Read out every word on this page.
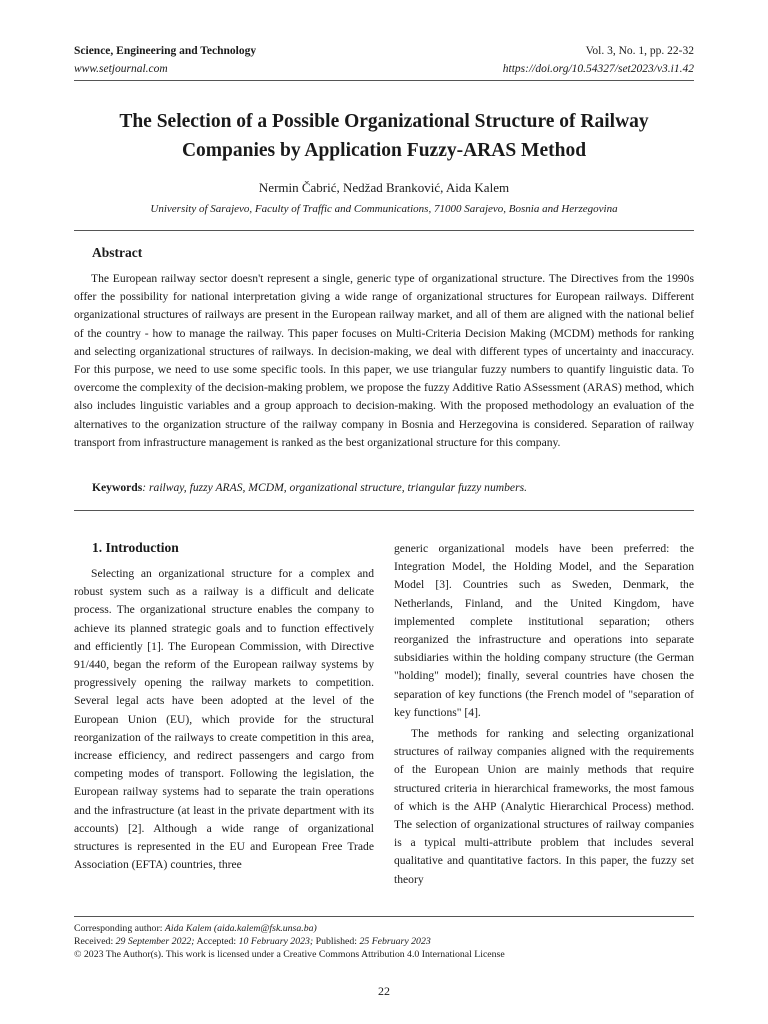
Science, Engineering and Technology	Vol. 3, No. 1, pp. 22-32
www.setjournal.com	https://doi.org/10.54327/set2023/v3.i1.42
The Selection of a Possible Organizational Structure of Railway
Companies by Application Fuzzy-ARAS Method
Nermin Čabrić, Nedžad Branković, Aida Kalem
University of Sarajevo, Faculty of Traffic and Communications, 71000 Sarajevo, Bosnia and Herzegovina
Abstract

The European railway sector doesn't represent a single, generic type of organizational structure. The Directives from the 1990s offer the possibility for national interpretation giving a wide range of organizational structures for European railways. Different organizational structures of railways are present in the European railway market, and all of them are aligned with the national belief of the country - how to manage the railway. This paper focuses on Multi-Criteria Decision Making (MCDM) methods for ranking and selecting organizational structures of railways. In decision-making, we deal with different types of uncertainty and inaccuracy. For this purpose, we need to use some specific tools. In this paper, we use triangular fuzzy numbers to quantify linguistic data. To overcome the complexity of the decision-making problem, we propose the fuzzy Additive Ratio ASsessment (ARAS) method, which also includes linguistic variables and a group approach to decision-making. With the proposed methodology an evaluation of the alternatives to the organization structure of the railway company in Bosnia and Herzegovina is considered. Separation of railway transport from infrastructure management is ranked as the best organizational structure for this company.

Keywords: railway, fuzzy ARAS, MCDM, organizational structure, triangular fuzzy numbers.
1. Introduction

Selecting an organizational structure for a complex and robust system such as a railway is a difficult and delicate process. The organizational structure enables the company to achieve its planned strategic goals and to function effectively and efficiently [1]. The European Commission, with Directive 91/440, began the reform of the European railway systems by progressively opening the railway markets to competition. Several legal acts have been adopted at the level of the European Union (EU), which provide for the structural reorganization of the railways to create competition in this area, increase efficiency, and redirect passengers and cargo from competing modes of transport. Following the legislation, the European railway systems had to separate the train operations and the infrastructure (at least in the private department with its accounts) [2]. Although a wide range of organizational structures is represented in the EU and European Free Trade Association (EFTA) countries, three

generic organizational models have been preferred: the Integration Model, the Holding Model, and the Separation Model [3]. Countries such as Sweden, Denmark, the Netherlands, Finland, and the United Kingdom, have implemented complete institutional separation; others reorganized the infrastructure and operations into separate subsidiaries within the holding company structure (the German "holding" model); finally, several countries have chosen the separation of key functions (the French model of "separation of key functions" [4].

The methods for ranking and selecting organizational structures of railway companies aligned with the requirements of the European Union are mainly methods that require structured criteria in hierarchical frameworks, the most famous of which is the AHP (Analytic Hierarchical Process) method. The selection of organizational structures of railway companies is a typical multi-attribute problem that includes several qualitative and quantitative factors. In this paper, the fuzzy set theory

Corresponding author: Aida Kalem (aida.kalem@fsk.unsa.ba)
Received: 29 September 2022; Accepted: 10 February 2023; Published: 25 February 2023
© 2023 The Author(s). This work is licensed under a Creative Commons Attribution 4.0 International License
22
